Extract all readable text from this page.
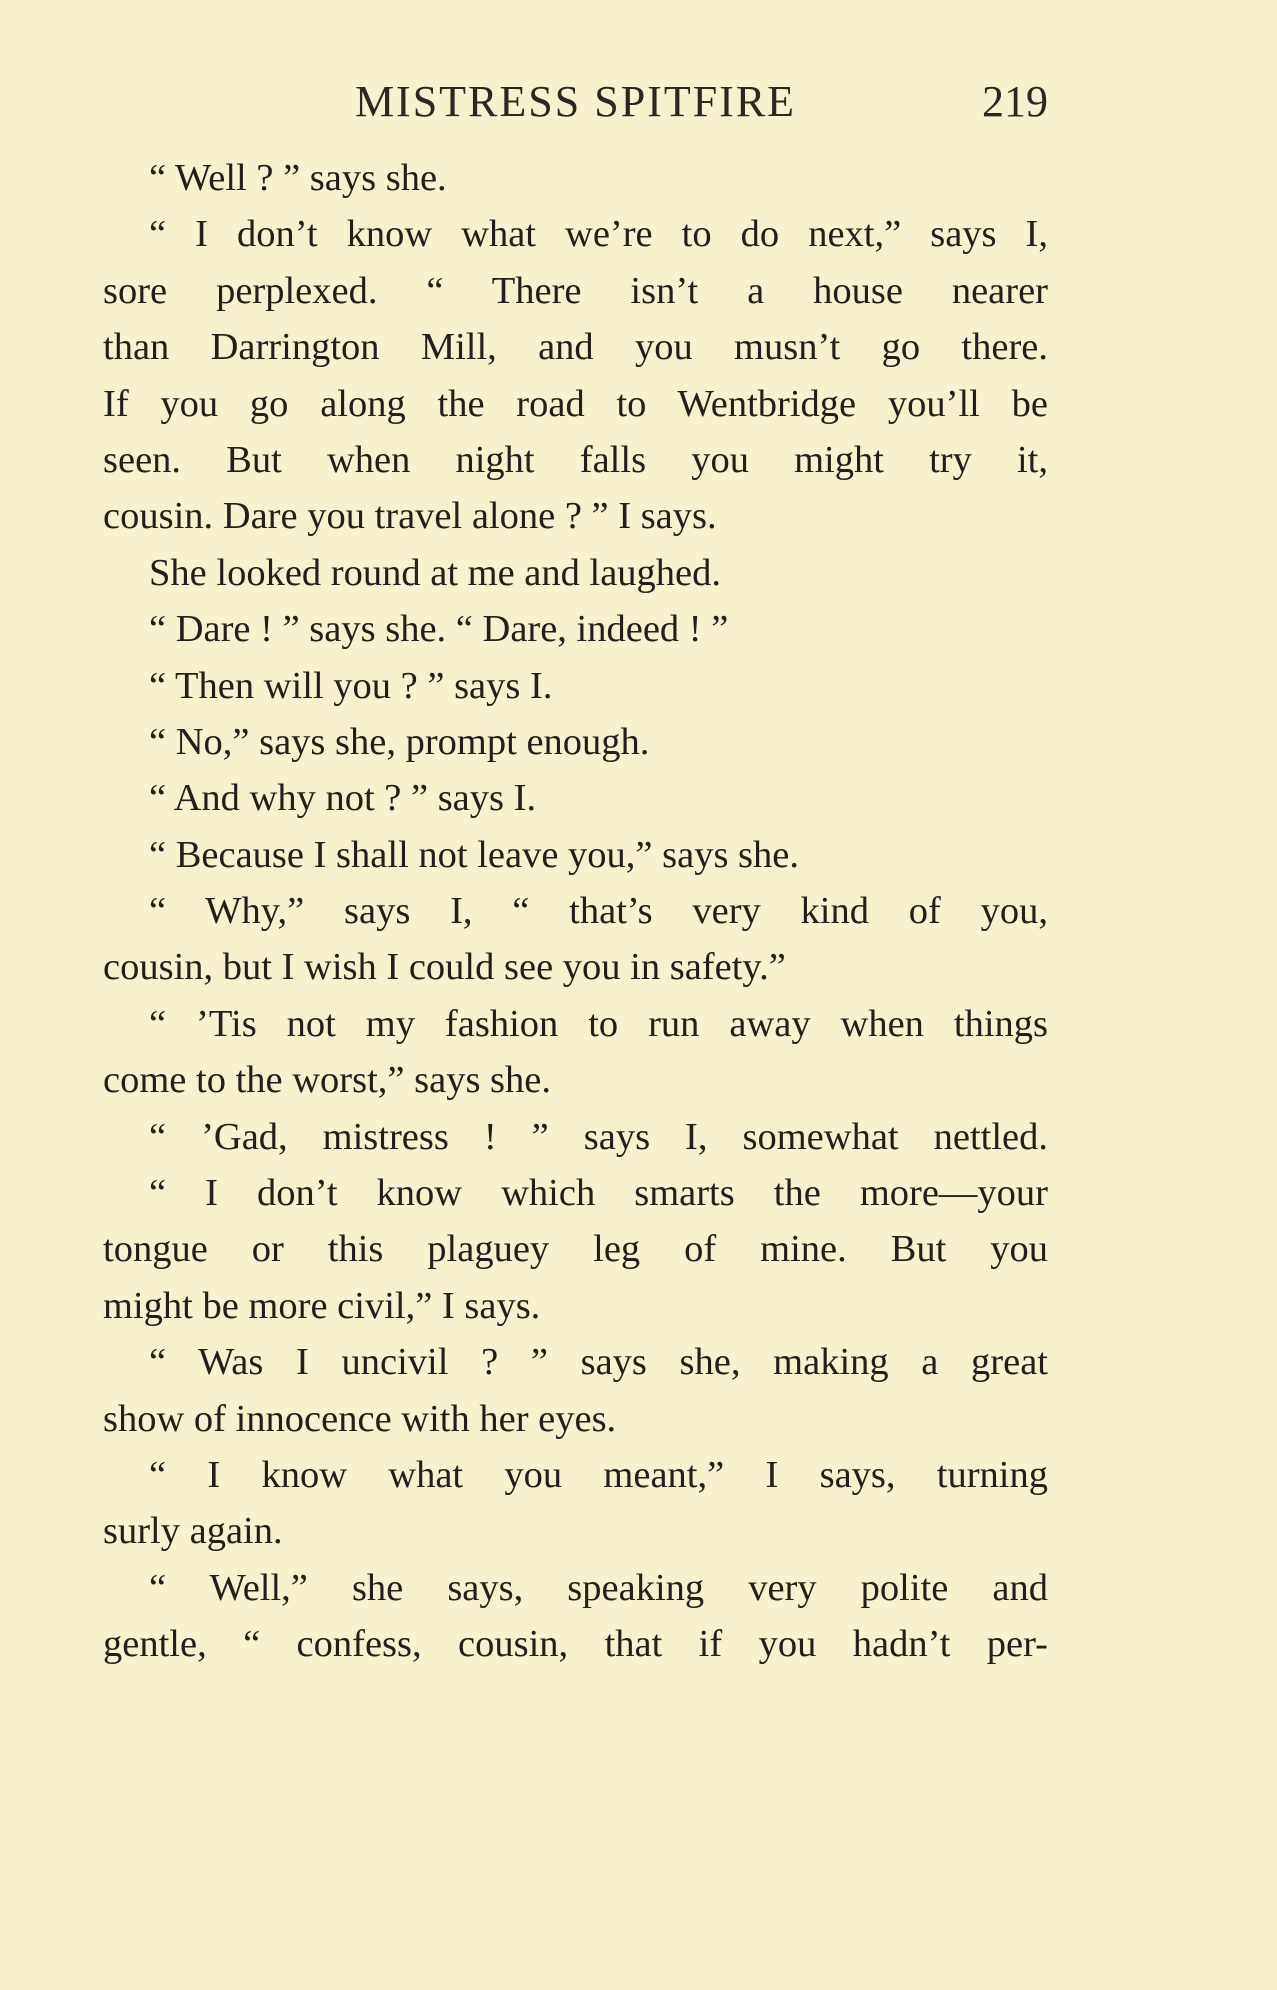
MISTRESS SPITFIRE	219
“ Well ? ” says she.
“ I don’t know what we’re to do next,” says I,
sore perplexed. “ There isn’t a house nearer
than Darrington Mill, and you musn’t go there.
If you go along the road to Wentbridge you’ll be
seen. But when night falls you might try it,
cousin. Dare you travel alone ? ” I says.
She looked round at me and laughed.
“ Dare ! ” says she. “ Dare, indeed ! ”
“ Then will you ? ” says I.
“ No,” says she, prompt enough.
“ And why not ? ” says I.
“ Because I shall not leave you,” says she.
“ Why,” says I, “ that’s very kind of you,
cousin, but I wish I could see you in safety.”
“ ’Tis not my fashion to run away when things
come to the worst,” says she.
“ ’Gad, mistress ! ” says I, somewhat nettled.
“ I don’t know which smarts the more—your
tongue or this plaguey leg of mine. But you
might be more civil,” I says.
“ Was I uncivil ? ” says she, making a great
show of innocence with her eyes.
“ I know what you meant,” I says, turning
surly again.
“ Well,” she says, speaking very polite and
gentle, “ confess, cousin, that if you hadn’t per-
